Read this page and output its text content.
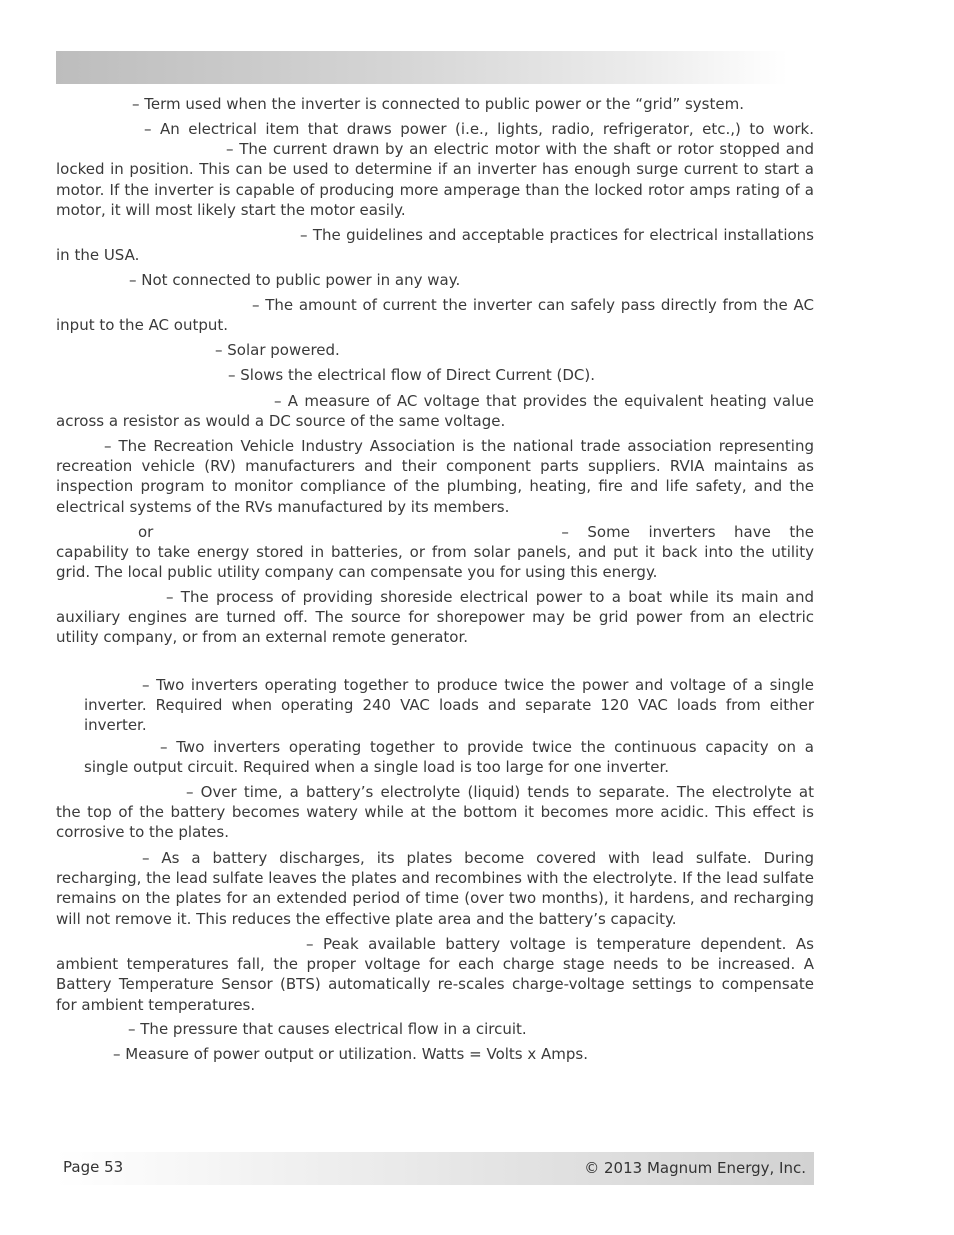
– Term used when the inverter is connected to public power or the “grid” system.
– An electrical item that draws power (i.e., lights, radio, refrigerator, etc.,) to work. – The current drawn by an electric motor with the shaft or rotor stopped and locked in position. This can be used to determine if an inverter has enough surge current to start a motor. If the inverter is capable of producing more amperage than the locked rotor amps rating of a motor, it will most likely start the motor easily.
– The guidelines and acceptable practices for electrical installations in the USA.
– Not connected to public power in any way.
– The amount of current the inverter can safely pass directly from the AC input to the AC output.
– Solar powered.
– Slows the electrical flow of Direct Current (DC).
– A measure of AC voltage that provides the equivalent heating value across a resistor as would a DC source of the same voltage.
– The Recreation Vehicle Industry Association is the national trade association representing recreation vehicle (RV) manufacturers and their component parts suppliers. RVIA maintains as inspection program to monitor compliance of the plumbing, heating, fire and life safety, and the electrical systems of the RVs manufactured by its members.
or	– Some inverters have the capability to take energy stored in batteries, or from solar panels, and put it back into the utility grid. The local public utility company can compensate you for using this energy.
– The process of providing shoreside electrical power to a boat while its main and auxiliary engines are turned off. The source for shorepower may be grid power from an electric utility company, or from an external remote generator.
– Two inverters operating together to produce twice the power and voltage of a single inverter. Required when operating 240 VAC loads and separate 120 VAC loads from either inverter.
– Two inverters operating together to provide twice the continuous capacity on a single output circuit. Required when a single load is too large for one inverter.
– Over time, a battery’s electrolyte (liquid) tends to separate. The electrolyte at the top of the battery becomes watery while at the bottom it becomes more acidic. This effect is corrosive to the plates.
– As a battery discharges, its plates become covered with lead sulfate. During recharging, the lead sulfate leaves the plates and recombines with the electrolyte. If the lead sulfate remains on the plates for an extended period of time (over two months), it hardens, and recharging will not remove it. This reduces the effective plate area and the battery’s capacity.
– Peak available battery voltage is temperature dependent. As ambient temperatures fall, the proper voltage for each charge stage needs to be increased. A Battery Temperature Sensor (BTS) automatically re-scales charge-voltage settings to compensate for ambient temperatures.
– The pressure that causes electrical flow in a circuit.
– Measure of power output or utilization. Watts = Volts x Amps.
Page 53	© 2013 Magnum Energy, Inc.
